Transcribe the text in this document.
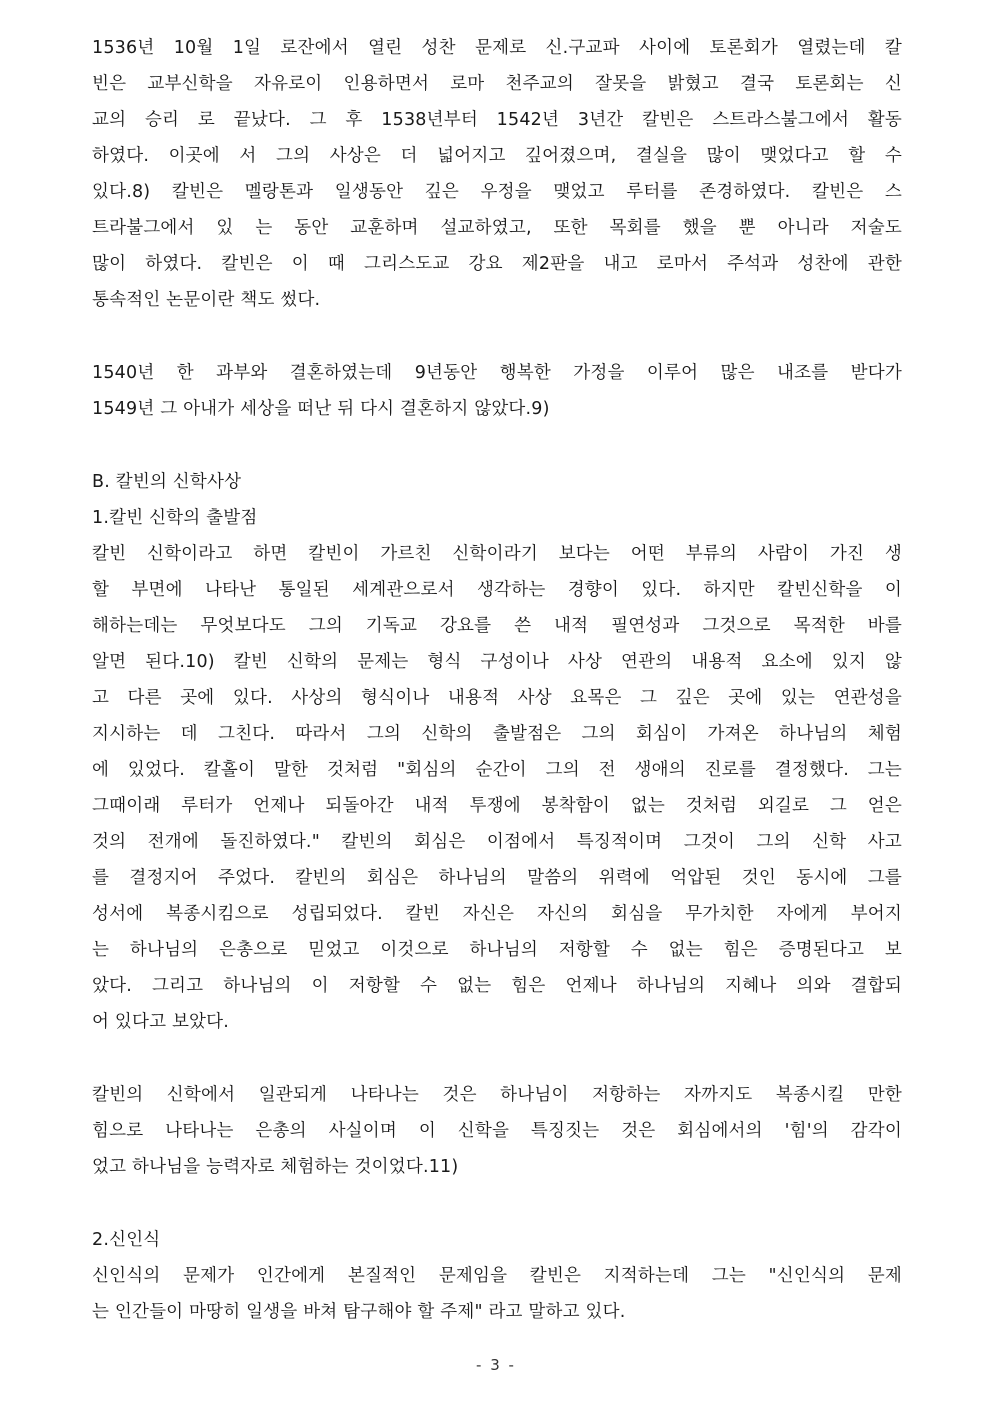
1536년 10월 1일 로잔에서 열린 성찬 문제로 신.구교파 사이에 토론회가 열렸는데 칼
빈은 교부신학을 자유로이 인용하면서 로마 천주교의 잘못을 밝혔고 결국 토론회는 신
교의 승리 로 끝났다. 그 후 1538년부터 1542년 3년간 칼빈은 스트라스불그에서 활동
하였다. 이곳에 서 그의 사상은 더 넓어지고 깊어졌으며, 결실을 많이 맺었다고 할 수
있다.8) 칼빈은 멜랑톤과 일생동안 깊은 우정을 맺었고 루터를 존경하였다. 칼빈은 스
트라불그에서 있 는 동안 교훈하며 설교하였고, 또한 목회를 했을 뿐 아니라 저술도
많이 하였다. 칼빈은 이 때 그리스도교 강요 제2판을 내고 로마서 주석과 성찬에 관한
통속적인 논문이란 책도 썼다.
1540년 한 과부와 결혼하였는데 9년동안 행복한 가정을 이루어 많은 내조를 받다가
1549년 그 아내가 세상을 떠난 뒤 다시 결혼하지 않았다.9)
B. 칼빈의 신학사상
1.칼빈 신학의 출발점
칼빈 신학이라고 하면 칼빈이 가르친 신학이라기 보다는 어떤 부류의 사람이 가진 생
할 부면에 나타난 통일된 세계관으로서 생각하는 경향이 있다. 하지만 칼빈신학을 이
해하는데는 무엇보다도 그의 기독교 강요를 쓴 내적 필연성과 그것으로 목적한 바를
알면 된다.10) 칼빈 신학의 문제는 형식 구성이나 사상 연관의 내용적 요소에 있지 않
고 다른 곳에 있다. 사상의 형식이나 내용적 사상 요목은 그 깊은 곳에 있는 연관성을
지시하는 데 그친다. 따라서 그의 신학의 출발점은 그의 회심이 가져온 하나님의 체험
에 있었다. 칼홀이 말한 것처럼 "회심의 순간이 그의 전 생애의 진로를 결정했다. 그는
그때이래 루터가 언제나 되돌아간 내적 투쟁에 봉착함이 없는 것처럼 외길로 그 얻은
것의 전개에 돌진하였다." 칼빈의 회심은 이점에서 특징적이며 그것이 그의 신학 사고
를 결정지어 주었다. 칼빈의 회심은 하나님의 말씀의 위력에 억압된 것인 동시에 그를
성서에 복종시킴으로 성립되었다. 칼빈 자신은 자신의 회심을 무가치한 자에게 부어지
는 하나님의 은총으로 믿었고 이것으로 하나님의 저항할 수 없는 힘은 증명된다고 보
았다. 그리고 하나님의 이 저항할 수 없는 힘은 언제나 하나님의 지혜나 의와 결합되
어 있다고 보았다.
칼빈의 신학에서 일관되게 나타나는 것은 하나님이 저항하는 자까지도 복종시킬 만한
힘으로 나타나는 은총의 사실이며 이 신학을 특징짓는 것은 회심에서의 '힘'의 감각이
었고 하나님을 능력자로 체험하는 것이었다.11)
2.신인식
신인식의 문제가 인간에게 본질적인 문제임을 칼빈은 지적하는데 그는 "신인식의 문제
는 인간들이 마땅히 일생을 바쳐 탐구해야 할 주제" 라고 말하고 있다.
- 3 -
